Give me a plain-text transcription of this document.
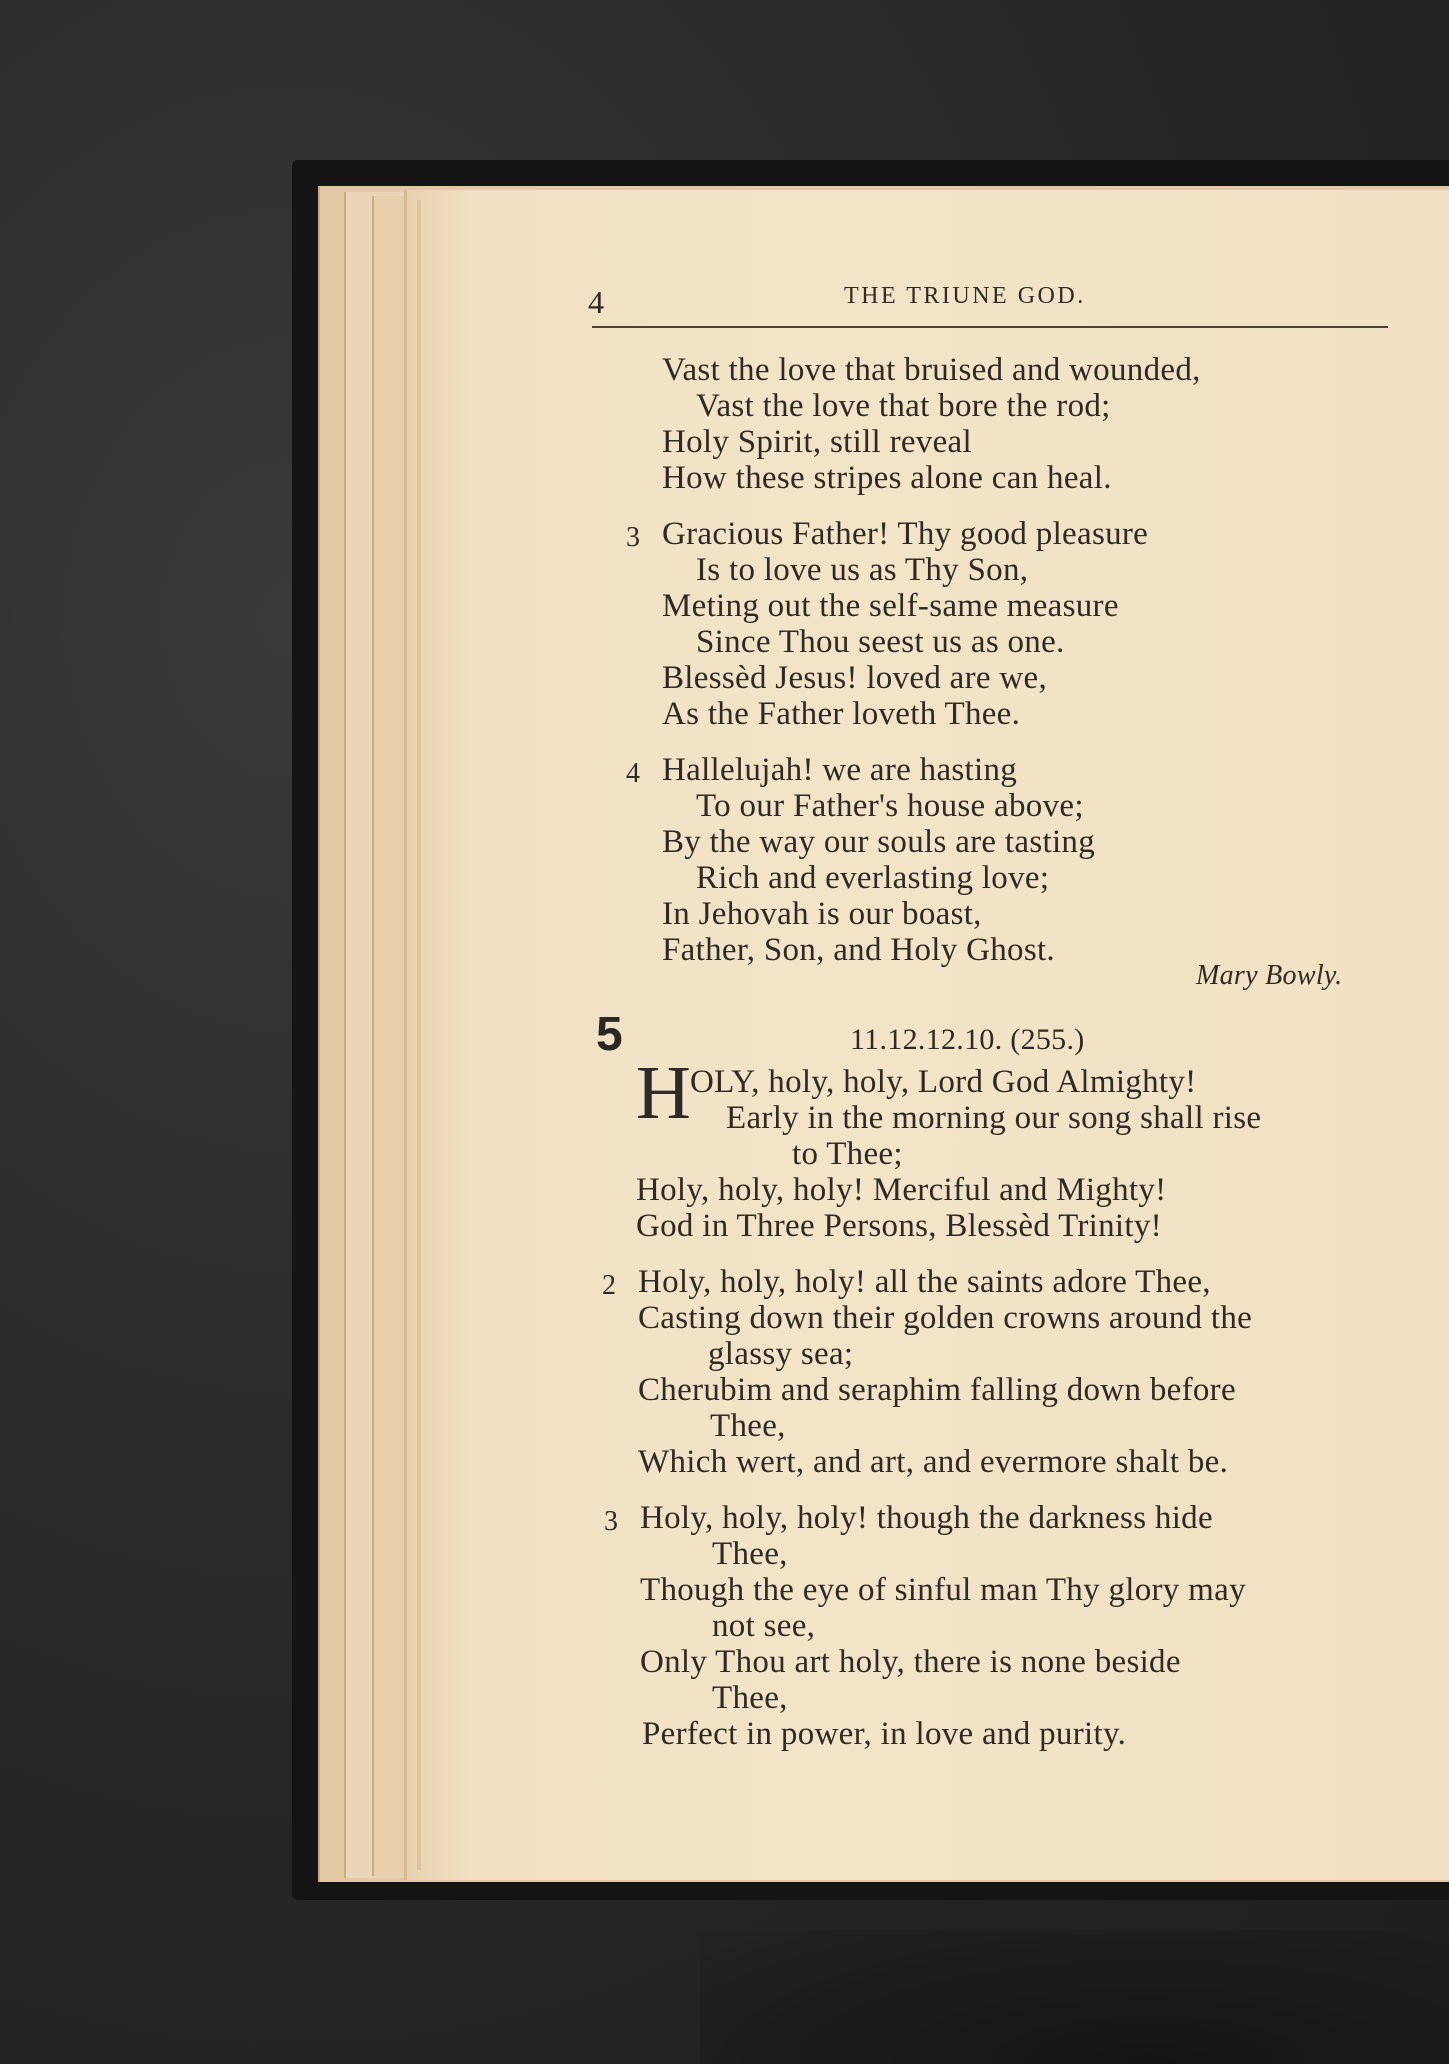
4	THE TRIUNE GOD.
Vast the love that bruised and wounded,
Vast the love that bore the rod;
Holy Spirit, still reveal
How these stripes alone can heal.
3 Gracious Father! Thy good pleasure
Is to love us as Thy Son,
Meting out the self-same measure
Since Thou seest us as one.
Blessèd Jesus! loved are we,
As the Father loveth Thee.
4 Hallelujah! we are hasting
To our Father's house above;
By the way our souls are tasting
Rich and everlasting love;
In Jehovah is our boast,
Father, Son, and Holy Ghost.
Mary Bowly.
5	11.12.12.10. (255.)
H OLY, holy, holy, Lord God Almighty!
Early in the morning our song shall rise
to Thee;
Holy, holy, holy! Merciful and Mighty!
God in Three Persons, Blessèd Trinity!
2 Holy, holy, holy! all the saints adore Thee,
Casting down their golden crowns around the
glassy sea;
Cherubim and seraphim falling down before
Thee,
Which wert, and art, and evermore shalt be.
3 Holy, holy, holy! though the darkness hide
Thee,
Though the eye of sinful man Thy glory may
not see,
Only Thou art holy, there is none beside
Thee,
Perfect in power, in love and purity.
